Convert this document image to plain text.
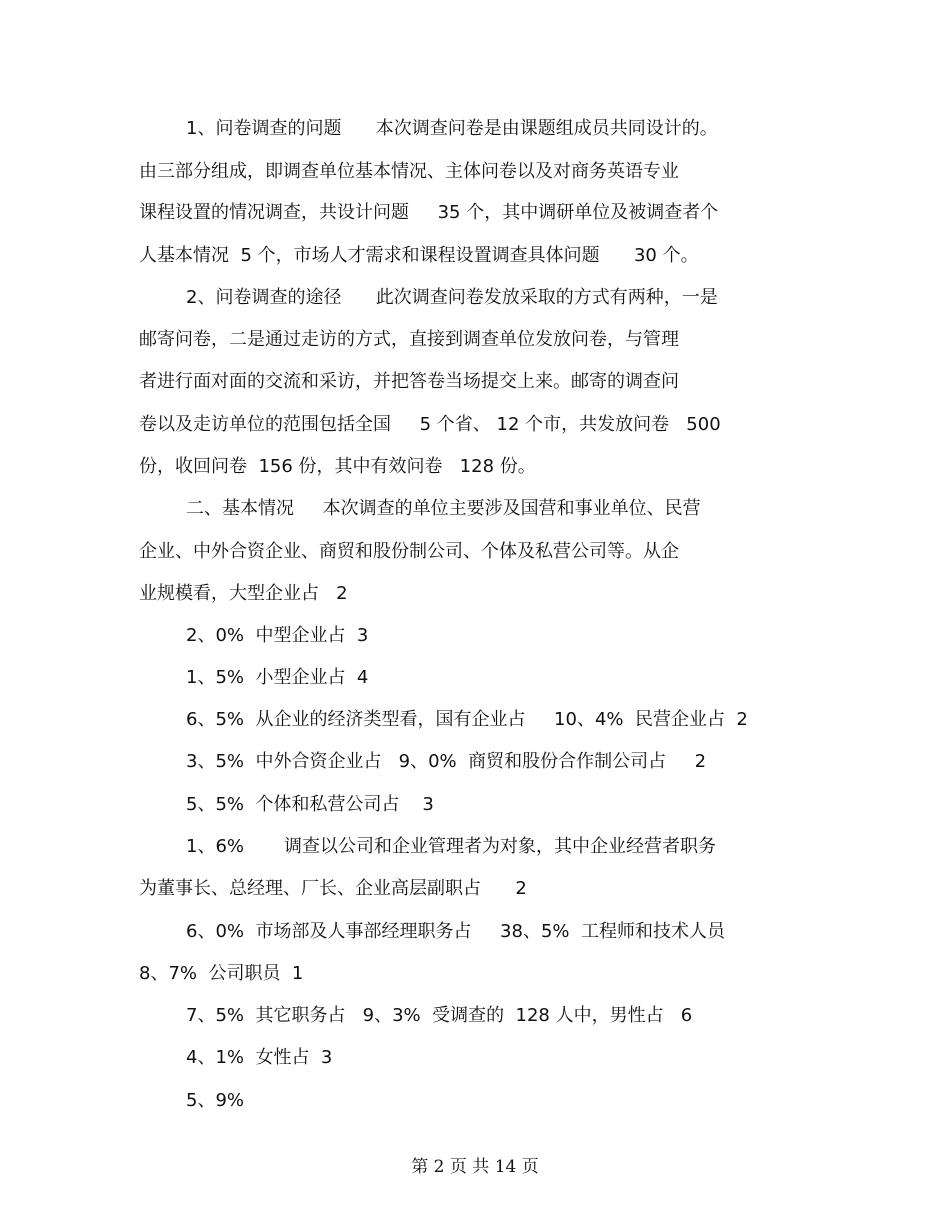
1、问卷调查的问题      本次调查问卷是由课题组成员共同设计的。
由三部分组成，即调查单位基本情况、主体问卷以及对商务英语专业
课程设置的情况调查，共设计问题     35 个，其中调研单位及被调查者个
人基本情况  5 个，市场人才需求和课程设置调查具体问题      30 个。
2、问卷调查的途径      此次调查问卷发放采取的方式有两种，一是
邮寄问卷，二是通过走访的方式，直接到调查单位发放问卷，与管理
者进行面对面的交流和采访，并把答卷当场提交上来。邮寄的调查问
卷以及走访单位的范围包括全国     5 个省、 12 个市，共发放问卷   500
份，收回问卷  156 份，其中有效问卷   128 份。
二、基本情况     本次调查的单位主要涉及国营和事业单位、民营
企业、中外合资企业、商贸和股份制公司、个体及私营公司等。从企
业规模看，大型企业占   2
2、0%  中型企业占  3
1、5%  小型企业占  4
6、5%  从企业的经济类型看，国有企业占     10、4%  民营企业占  2
3、5%  中外合资企业占   9、0%  商贸和股份合作制公司占     2
5、5%  个体和私营公司占    3
1、6%       调查以公司和企业管理者为对象，其中企业经营者职务
为董事长、总经理、厂长、企业高层副职占      2
6、0%  市场部及人事部经理职务占     38、5%  工程师和技术人员
8、7%  公司职员  1
7、5%  其它职务占   9、3%  受调查的  128 人中，男性占   6
4、1%  女性占  3
5、9%
第 2 页 共 14 页
